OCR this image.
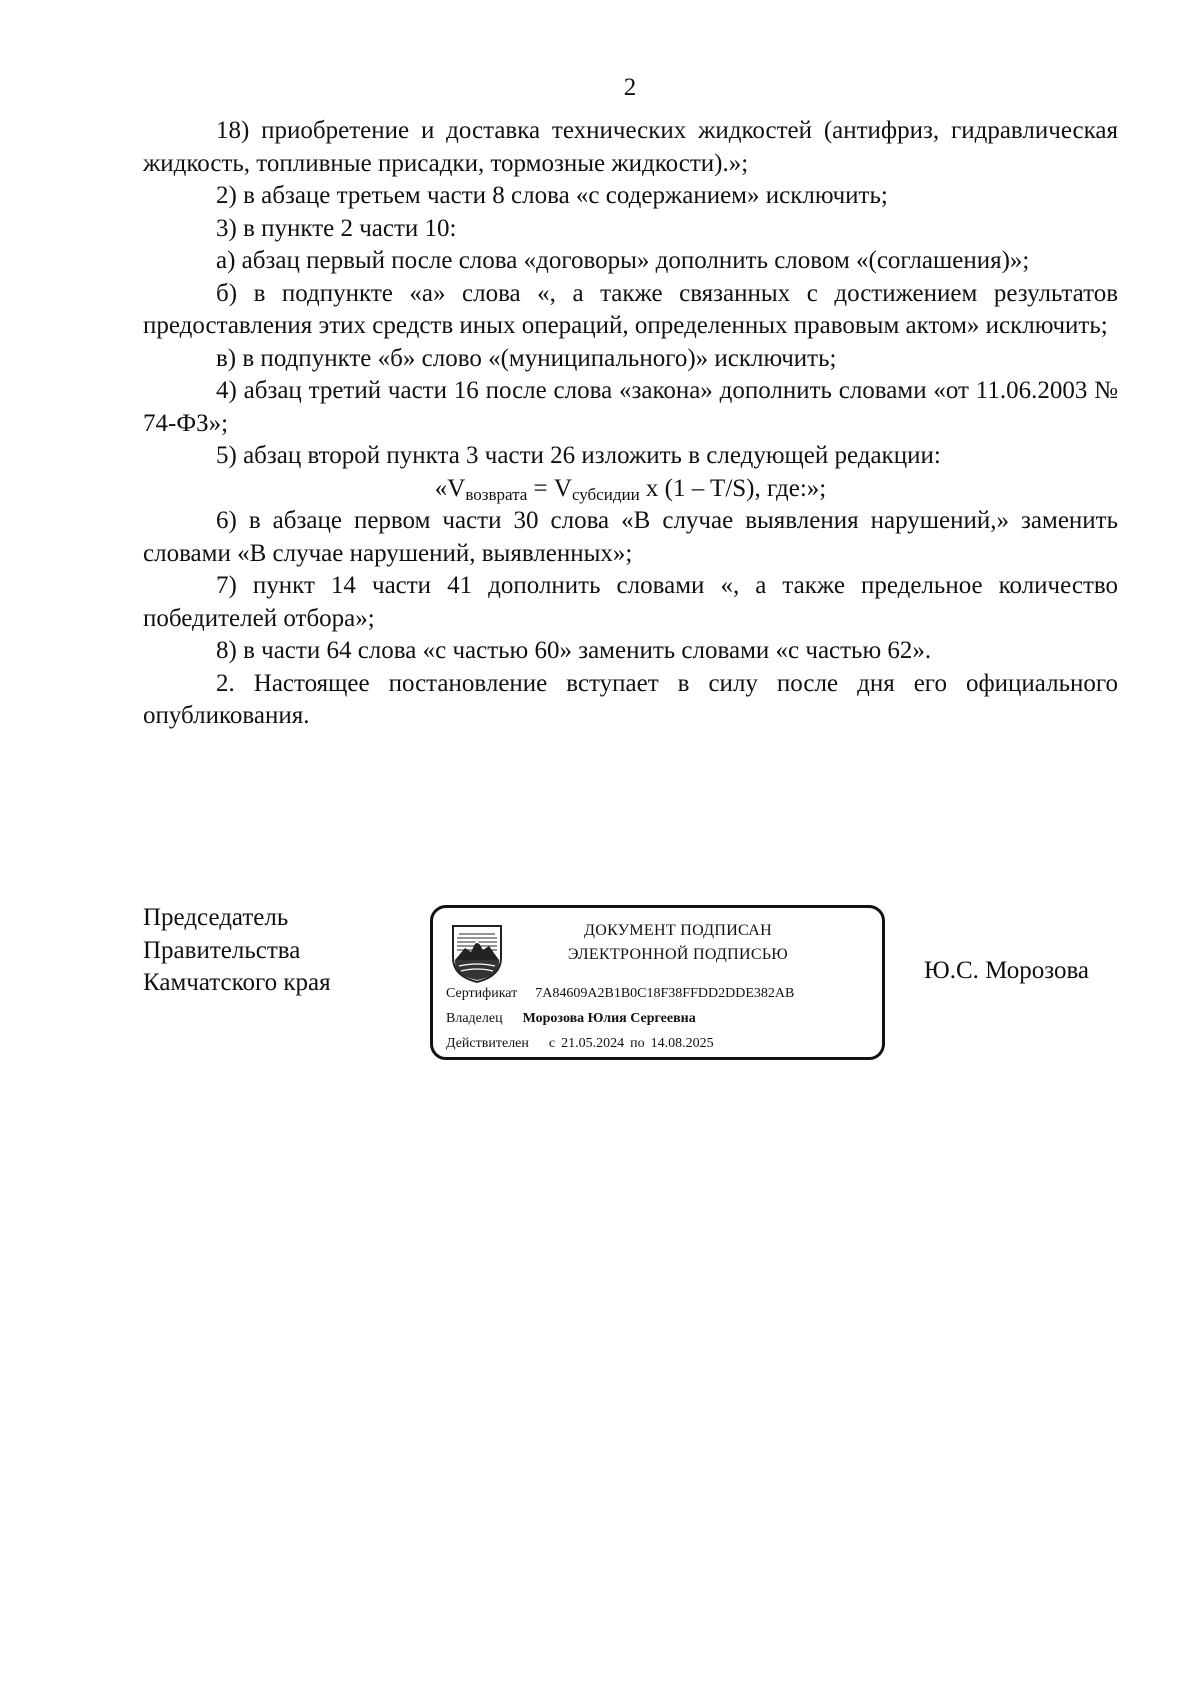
2

18) приобретение и доставка технических жидкостей (антифриз, гидравлическая жидкость, топливные присадки, тормозные жидкости).»;

2) в абзаце третьем части 8 слова «с содержанием» исключить;

3) в пункте 2 части 10:

а) абзац первый после слова «договоры» дополнить словом «(соглашения)»;

б) в подпункте «а» слова «, а также связанных с достижением результатов предоставления этих средств иных операций, определенных правовым актом» исключить;

в) в подпункте «б» слово «(муниципального)» исключить;

4) абзац третий части 16 после слова «закона» дополнить словами «от 11.06.2003 № 74-ФЗ»;

5) абзац второй пункта 3 части 26 изложить в следующей редакции:

«$V_{возврата} = V_{субсидии}$ x (1 – T/S), где:»;

6) в абзаце первом части 30 слова «В случае выявления нарушений,» заменить словами «В случае нарушений, выявленных»;

7) пункт 14 части 41 дополнить словами «, а также предельное количество победителей отбора»;

8) в части 64 слова «с частью 60» заменить словами «с частью 62».

2. Настоящее постановление вступает в силу после дня его официального опубликования.

Председатель
Правительства
Камчатского края
ДОКУМЕНТ ПОДПИСАН
ЭЛЕКТРОННОЙ ПОДПИСЬЮ
Сертификат 7A84609A2B1B0C18F38FFDD2DDE382AB
Владелец Морозова Юлия Сергеевна
Действителен с 21.05.2024 по 14.08.2025
Ю.С. Морозова
